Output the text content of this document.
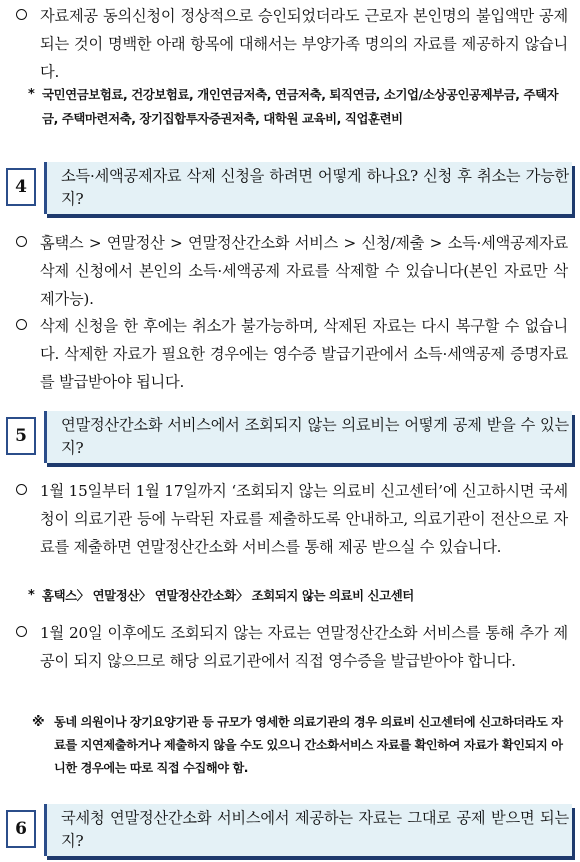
자료제공 동의신청이 정상적으로 승인되었더라도 근로자 본인명의 불입액만 공제되는 것이 명백한 아래 항목에 대해서는 부양가족 명의의 자료를 제공하지 않습니다.
* 국민연금보험료, 건강보험료, 개인연금저축, 연금저축, 퇴직연금, 소기업/소상공인공제부금, 주택자금, 주택마련저축, 장기집합투자증권저축, 대학원 교육비, 직업훈련비
4
소득·세액공제자료 삭제 신청을 하려면 어떻게 하나요? 신청 후 취소는 가능한지?
홈택스 > 연말정산 > 연말정산간소화 서비스 > 신청/제출 > 소득·세액공제자료 삭제 신청에서 본인의 소득·세액공제 자료를 삭제할 수 있습니다(본인 자료만 삭제가능).
삭제 신청을 한 후에는 취소가 불가능하며, 삭제된 자료는 다시 복구할 수 없습니다. 삭제한 자료가 필요한 경우에는 영수증 발급기관에서 소득·세액공제 증명자료를 발급받아야 됩니다.
5
연말정산간소화 서비스에서 조회되지 않는 의료비는 어떻게 공제 받을 수 있는지?
1월 15일부터 1월 17일까지 ‘조회되지 않는 의료비 신고센터’에 신고하시면 국세청이 의료기관 등에 누락된 자료를 제출하도록 안내하고, 의료기관이 전산으로 자료를 제출하면 연말정산간소화 서비스를 통해 제공 받으실 수 있습니다.
* 홈택스〉 연말정산〉 연말정산간소화〉 조회되지 않는 의료비 신고센터
1월 20일 이후에도 조회되지 않는 자료는 연말정산간소화 서비스를 통해 추가 제공이 되지 않으므로 해당 의료기관에서 직접 영수증을 발급받아야 합니다.
※ 동네 의원이나 장기요양기관 등 규모가 영세한 의료기관의 경우 의료비 신고센터에 신고하더라도 자료를 지연제출하거나 제출하지 않을 수도 있으니 간소화서비스 자료를 확인하여 자료가 확인되지 아니한 경우에는 따로 직접 수집해야 함.
6
국세청 연말정산간소화 서비스에서 제공하는 자료는 그대로 공제 받으면 되는지?
